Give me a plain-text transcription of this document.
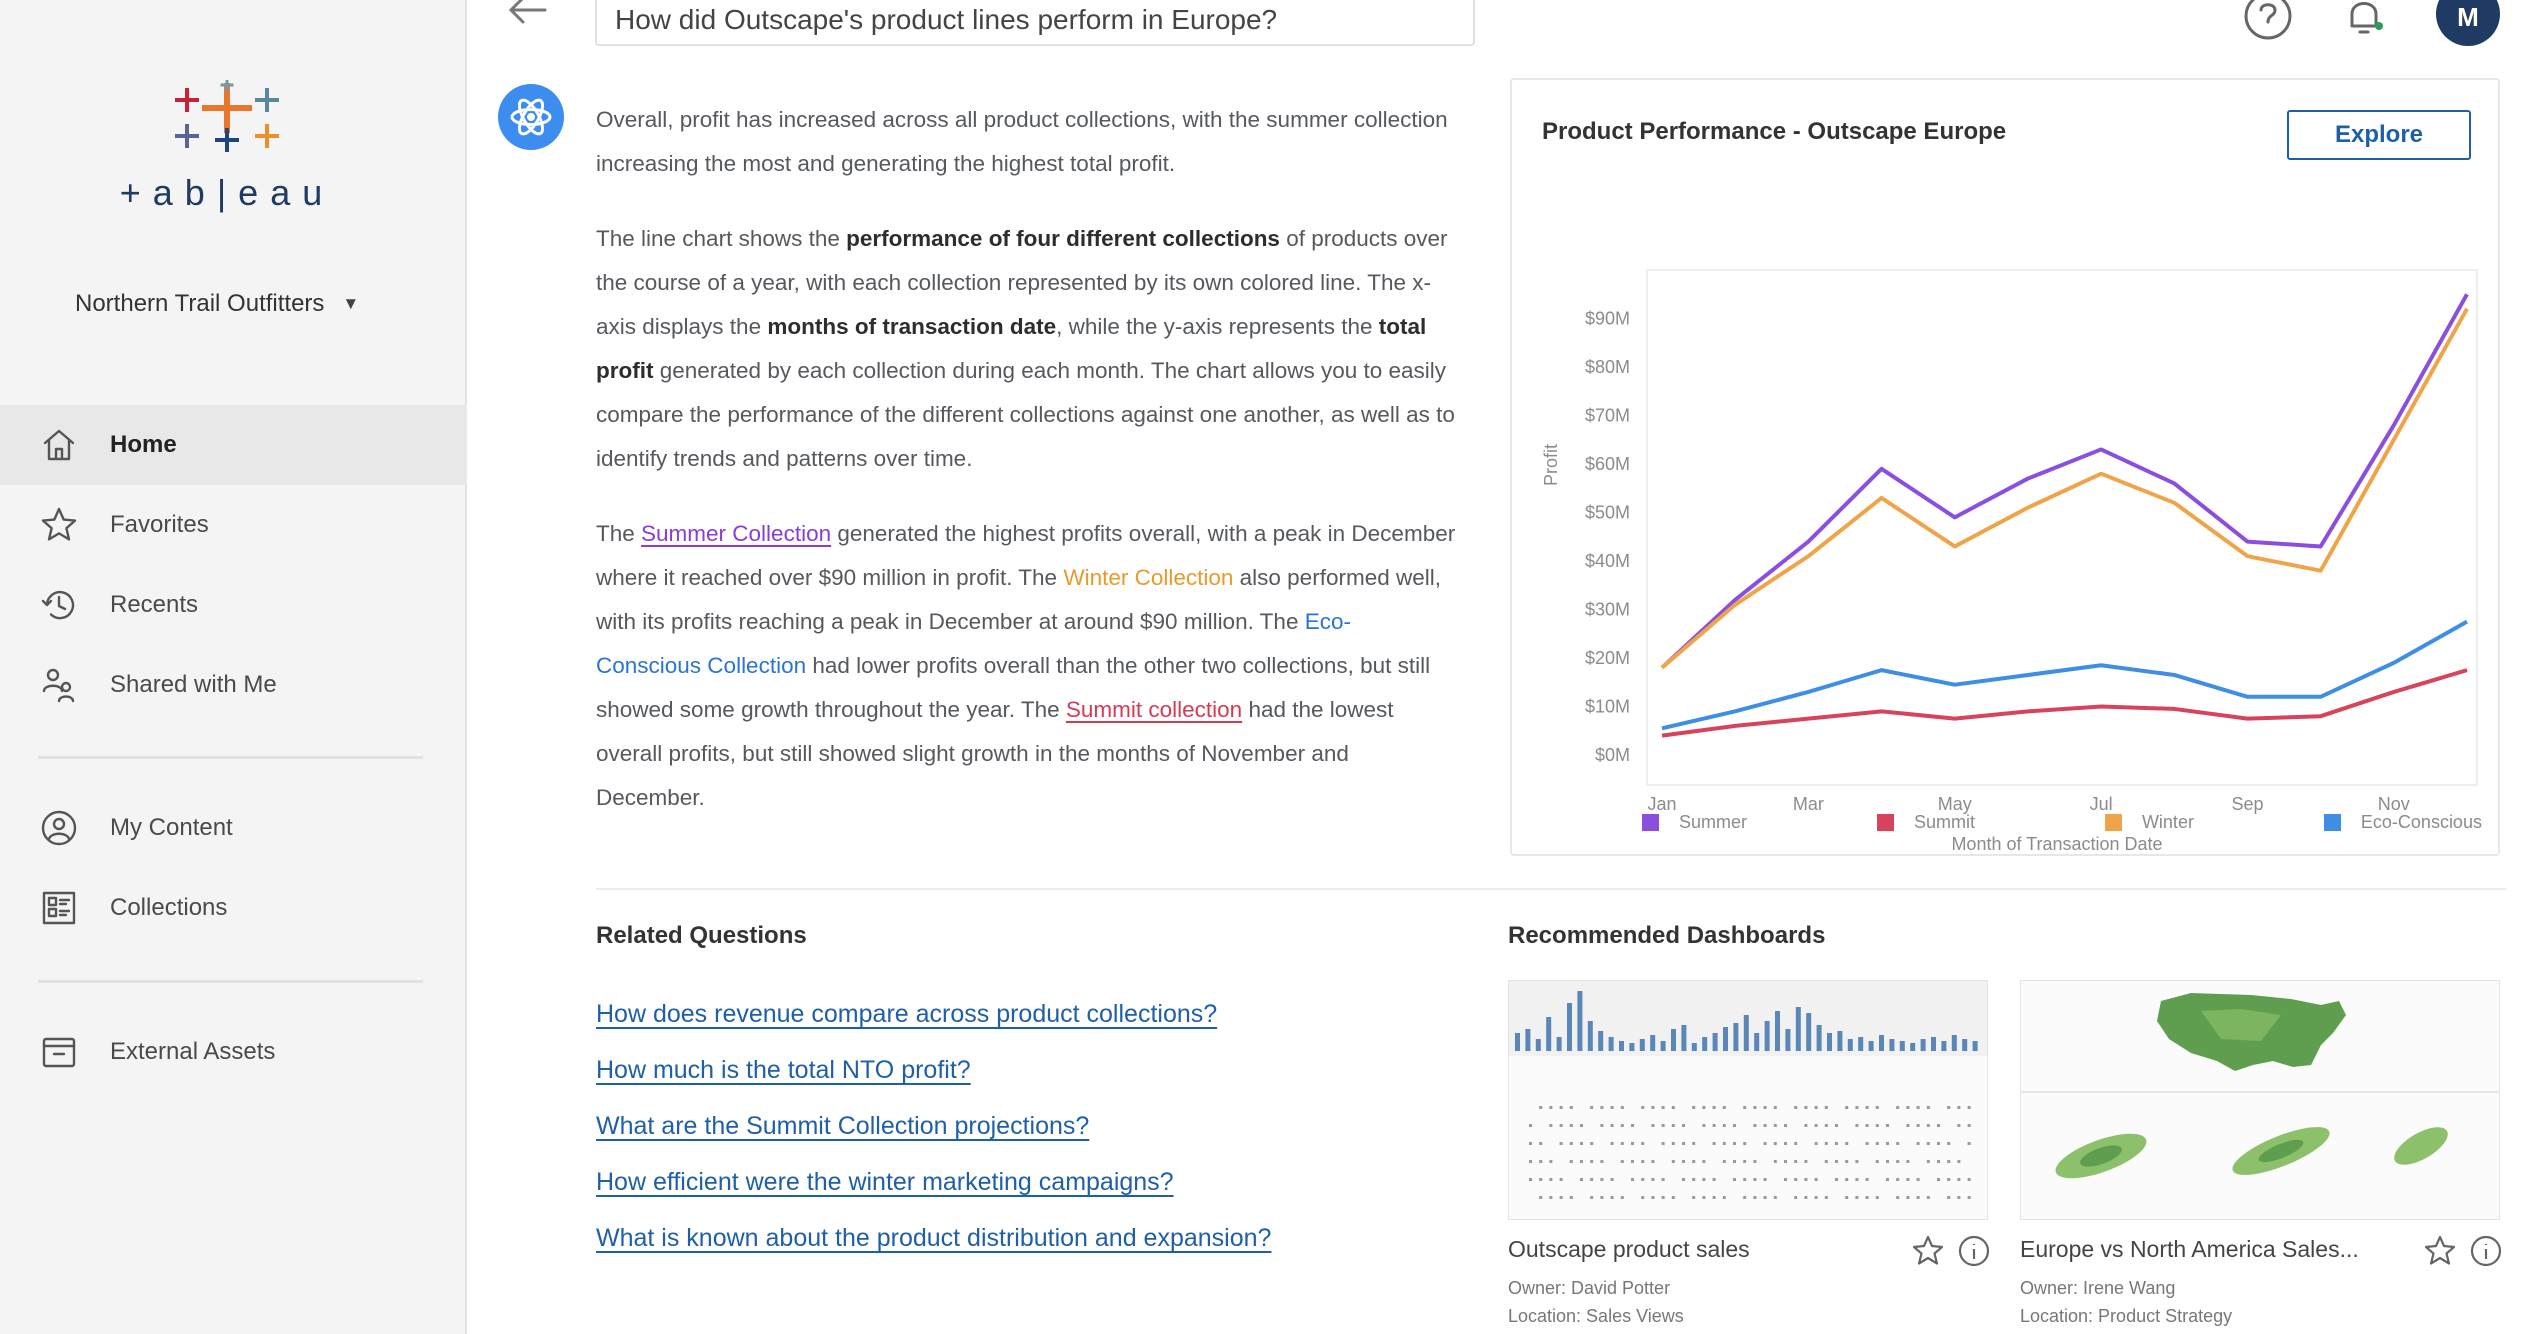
+ab|eau
Northern Trail Outfitters ▼
Home
Favorites
Recents
Shared with Me
My Content
Collections
External Assets
How did Outscape's product lines perform in Europe?
M

Overall, profit has increased across all product collections, with the summer collection increasing the most and generating the highest total profit.

The line chart shows the performance of four different collections of products over the course of a year, with each collection represented by its own colored line. The x-axis displays the months of transaction date, while the y-axis represents the total profit generated by each collection during each month. The chart allows you to easily compare the performance of the different collections against one another, as well as to identify trends and patterns over time.

The Summer Collection generated the highest profits overall, with a peak in December where it reached over $90 million in profit. The Winter Collection also performed well, with its profits reaching a peak in December at around $90 million. The Eco-Conscious Collection had lower profits overall than the other two collections, but still showed some growth throughout the year. The Summit collection had the lowest overall profits, but still showed slight growth in the months of November and December.

Product Performance - Outscape Europe	Explore
$0M
$10M
$20M
$30M
$40M
$50M
$60M
$70M
$80M
$90M
Jan	Mar	May	Jul	Sep	Nov
Profit
Month of Transaction Date
Summer	Summit	Winter	Eco-Conscious
Related Questions
How does revenue compare across product collections?
How much is the total NTO profit?
What are the Summit Collection projections?
How efficient were the winter marketing campaigns?
What is known about the product distribution and expansion?
Recommended Dashboards
Outscape product sales
Owner: David Potter
Location: Sales Views
Europe vs North America Sales...
Owner: Irene Wang
Location: Product Strategy
